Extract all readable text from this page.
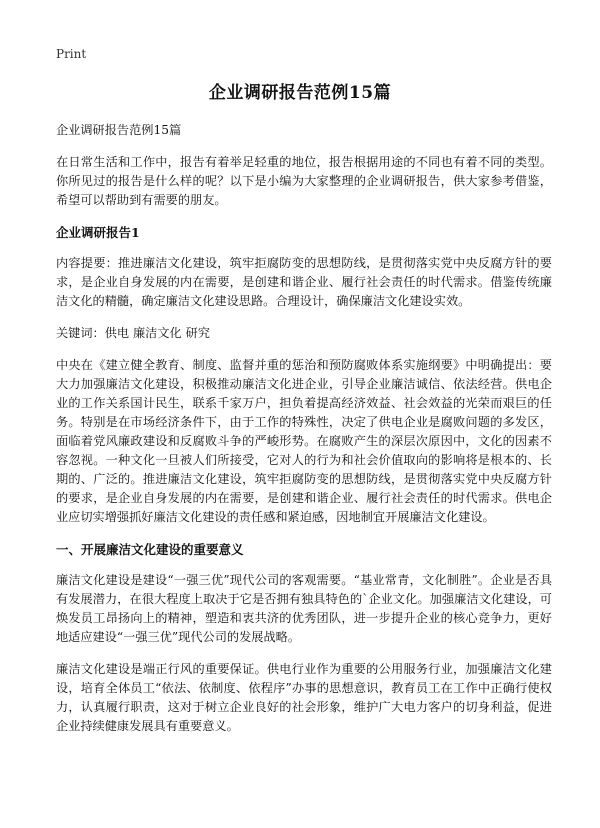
Print
企业调研报告范例15篇

企业调研报告范例15篇

在日常生活和工作中，报告有着举足轻重的地位，报告根据用途的不同也有着不同的类型。你所见过的报告是什么样的呢？以下是小编为大家整理的企业调研报告，供大家参考借鉴，希望可以帮助到有需要的朋友。

企业调研报告1

内容提要：推进廉洁文化建设，筑牢拒腐防变的思想防线，是贯彻落实党中央反腐方针的要求，是企业自身发展的内在需要，是创建和谐企业、履行社会责任的时代需求。借鉴传统廉洁文化的精髓，确定廉洁文化建设思路。合理设计，确保廉洁文化建设实效。

关键词：供电 廉洁文化 研究

中央在《建立健全教育、制度、监督并重的惩治和预防腐败体系实施纲要》中明确提出：要大力加强廉洁文化建设，积极推动廉洁文化进企业，引导企业廉洁诚信、依法经营。供电企业的工作关系国计民生，联系千家万户，担负着提高经济效益、社会效益的光荣而艰巨的任务。特别是在市场经济条件下，由于工作的特殊性，决定了供电企业是腐败问题的多发区，面临着党风廉政建设和反腐败斗争的严峻形势。在腐败产生的深层次原因中，文化的因素不容忽视。一种文化一旦被人们所接受，它对人的行为和社会价值取向的影响将是根本的、长期的、广泛的。推进廉洁文化建设，筑牢拒腐防变的思想防线，是贯彻落实党中央反腐方针的要求，是企业自身发展的内在需要，是创建和谐企业、履行社会责任的时代需求。供电企业应切实增强抓好廉洁文化建设的责任感和紧迫感，因地制宜开展廉洁文化建设。

一、开展廉洁文化建设的重要意义

廉洁文化建设是建设“一强三优”现代公司的客观需要。“基业常青，文化制胜”。企业是否具有发展潜力，在很大程度上取决于它是否拥有独具特色的`企业文化。加强廉洁文化建设，可焕发员工昂扬向上的精神，塑造和衷共济的优秀团队，进一步提升企业的核心竞争力，更好地适应建设“一强三优”现代公司的发展战略。

廉洁文化建设是端正行风的重要保证。供电行业作为重要的公用服务行业，加强廉洁文化建设，培育全体员工“依法、依制度、依程序”办事的思想意识，教育员工在工作中正确行使权力，认真履行职责，这对于树立企业良好的社会形象，维护广大电力客户的切身利益，促进企业持续健康发展具有重要意义。
